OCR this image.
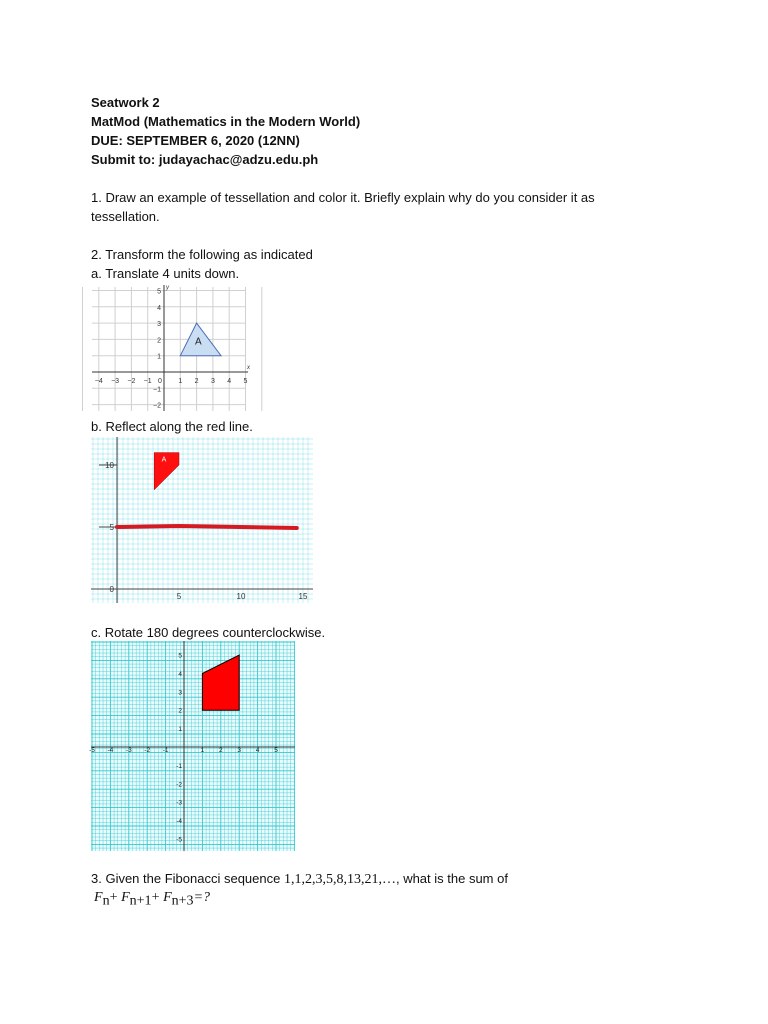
Seatwork 2
MatMod (Mathematics in the Modern World)
DUE: SEPTEMBER 6, 2020 (12NN)
Submit to: judayachac@adzu.edu.ph
1. Draw an example of tessellation and color it. Briefly explain why do you consider it as
tessellation.
2. Transform the following as indicated
a. Translate 4 units down.
x
y
A
−4 −3 −2 −1 0 1 2 3 4 5
5
4
3
2
1
−1
−2
b. Reflect along the red line.
A
5	10	15
10
5
0
c. Rotate 180 degrees counterclockwise.
-5 -4 -3 -2 -1	1 2 3 4 5
5
4
3
2
1
-1
-2
-3
-4
-5
3. Given the Fibonacci sequence 1,1,2,3,5,8,13,21,…, what is the sum of
$F_n+ F_{n+1}+ F_{n+3}=$?
